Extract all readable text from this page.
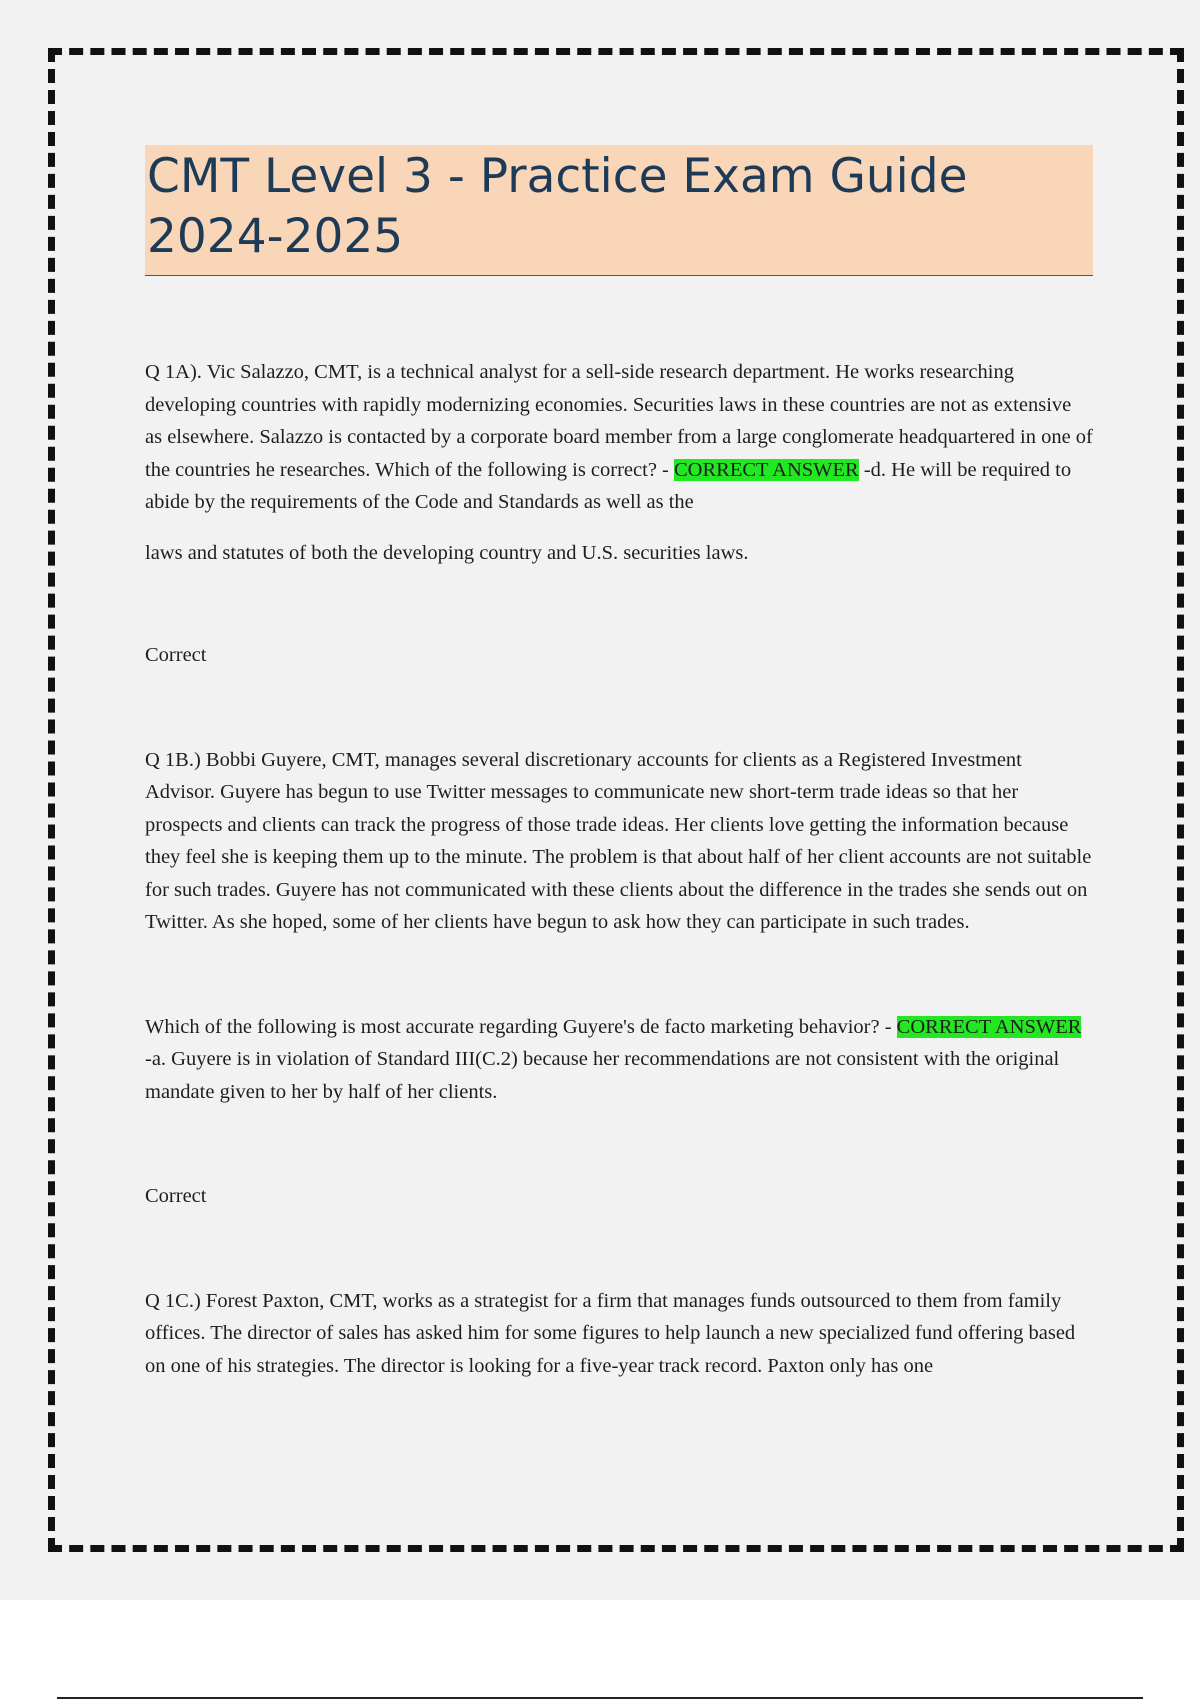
CMT Level 3 - Practice Exam Guide 2024-2025

Q 1A). Vic Salazzo, CMT, is a technical analyst for a sell-side research department. He works researching developing countries with rapidly modernizing economies. Securities laws in these countries are not as extensive as elsewhere. Salazzo is contacted by a corporate board member from a large conglomerate headquartered in one of the countries he researches. Which of the following is correct? - CORRECT ANSWER -d. He will be required to abide by the requirements of the Code and Standards as well as the

laws and statutes of both the developing country and U.S. securities laws.

Correct

Q 1B.) Bobbi Guyere, CMT, manages several discretionary accounts for clients as a Registered Investment Advisor. Guyere has begun to use Twitter messages to communicate new short-term trade ideas so that her prospects and clients can track the progress of those trade ideas. Her clients love getting the information because they feel she is keeping them up to the minute. The problem is that about half of her client accounts are not suitable for such trades. Guyere has not communicated with these clients about the difference in the trades she sends out on Twitter. As she hoped, some of her clients have begun to ask how they can participate in such trades.

Which of the following is most accurate regarding Guyere's de facto marketing behavior? - CORRECT ANSWER -a. Guyere is in violation of Standard III(C.2) because her recommendations are not consistent with the original mandate given to her by half of her clients.

Correct

Q 1C.) Forest Paxton, CMT, works as a strategist for a firm that manages funds outsourced to them from family offices. The director of sales has asked him for some figures to help launch a new specialized fund offering based on one of his strategies. The director is looking for a five-year track record. Paxton only has one
